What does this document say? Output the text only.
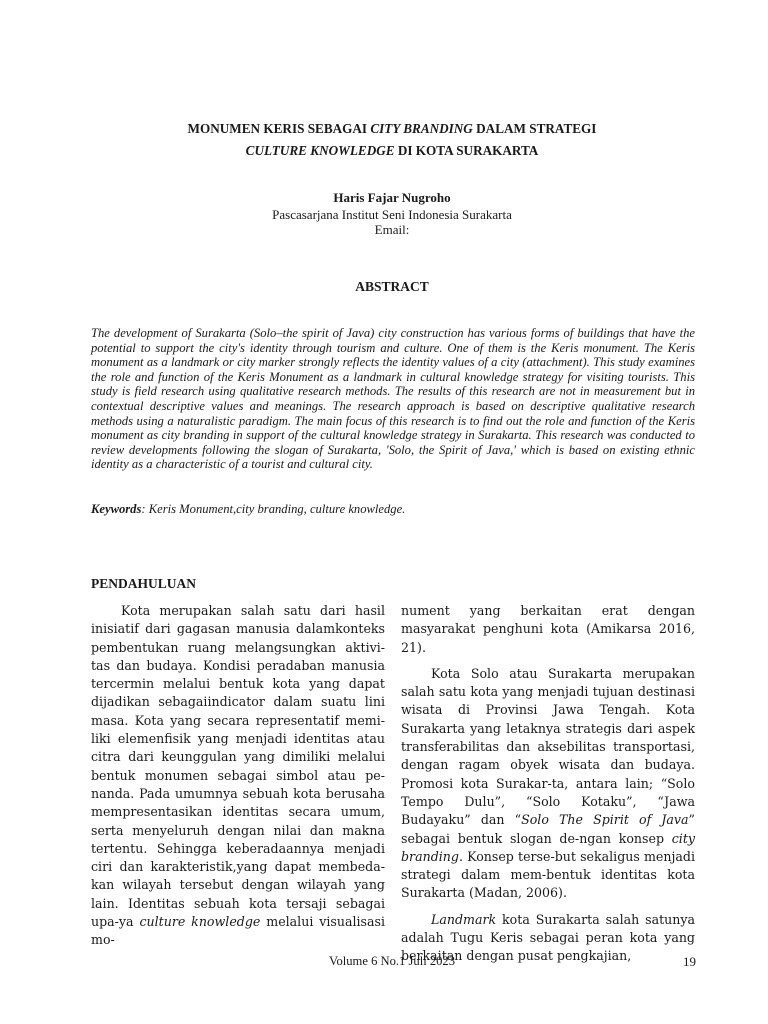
MONUMEN KERIS SEBAGAI CITY BRANDING DALAM STRATEGI
CULTURE KNOWLEDGE DI KOTA SURAKARTA
Haris Fajar Nugroho
Pascasarjana Institut Seni Indonesia Surakarta
Email:
ABSTRACT
The development of Surakarta (Solo–the spirit of Java) city construction has various forms of buildings that have the potential to support the city's identity through tourism and culture. One of them is the Keris monument. The Keris monument as a landmark or city marker strongly reflects the identity values of a city (attachment). This study examines the role and function of the Keris Monument as a landmark in cultural knowledge strategy for visiting tourists. This study is field research using qualitative research methods. The results of this research are not in measurement but in contextual descriptive values and meanings. The research approach is based on descriptive qualitative research methods using a naturalistic paradigm. The main focus of this research is to find out the role and function of the Keris monument as city branding in support of the cultural knowledge strategy in Surakarta. This research was conducted to review developments following the slogan of Surakarta, 'Solo, the Spirit of Java,' which is based on existing ethnic identity as a characteristic of a tourist and cultural city.
Keywords: Keris Monument,city branding, culture knowledge.
PENDAHULUAN

Kota merupakan salah satu dari hasil inisiatif dari gagasan manusia dalamkonteks pembentukan ruang melangsungkan aktivi-tas dan budaya. Kondisi peradaban manusia tercermin melalui bentuk kota yang dapat dijadikan sebagaiindicator dalam suatu lini masa. Kota yang secara representatif memi-liki elemenfisik yang menjadi identitas atau citra dari keunggulan yang dimiliki melalui bentuk monumen sebagai simbol atau pe-nanda. Pada umumnya sebuah kota berusaha mempresentasikan identitas secara umum, serta menyeluruh dengan nilai dan makna tertentu. Sehingga keberadaannya menjadi ciri dan karakteristik,yang dapat membeda-kan wilayah tersebut dengan wilayah yang lain. Identitas sebuah kota tersaji sebagai upa-ya culture knowledge melalui visualisasi mo-

nument yang berkaitan erat dengan masyarakat penghuni kota (Amikarsa 2016, 21).

Kota Solo atau Surakarta merupakan salah satu kota yang menjadi tujuan destinasi wisata di Provinsi Jawa Tengah. Kota Surakarta yang letaknya strategis dari aspek transferabilitas dan aksebilitas transportasi, dengan ragam obyek wisata dan budaya. Promosi kota Surakar-ta, antara lain; “Solo Tempo Dulu”, “Solo Kotaku”, “Jawa Budayaku” dan “Solo The Spirit of Java” sebagai bentuk slogan de-ngan konsep city branding. Konsep terse-but sekaligus menjadi strategi dalam mem-bentuk identitas kota Surakarta (Madan, 2006).

Landmark kota Surakarta salah satunya adalah Tugu Keris sebagai peran kota yang berkaitan dengan pusat pengkajian,

Volume 6 No.1 Juli 2023	19
